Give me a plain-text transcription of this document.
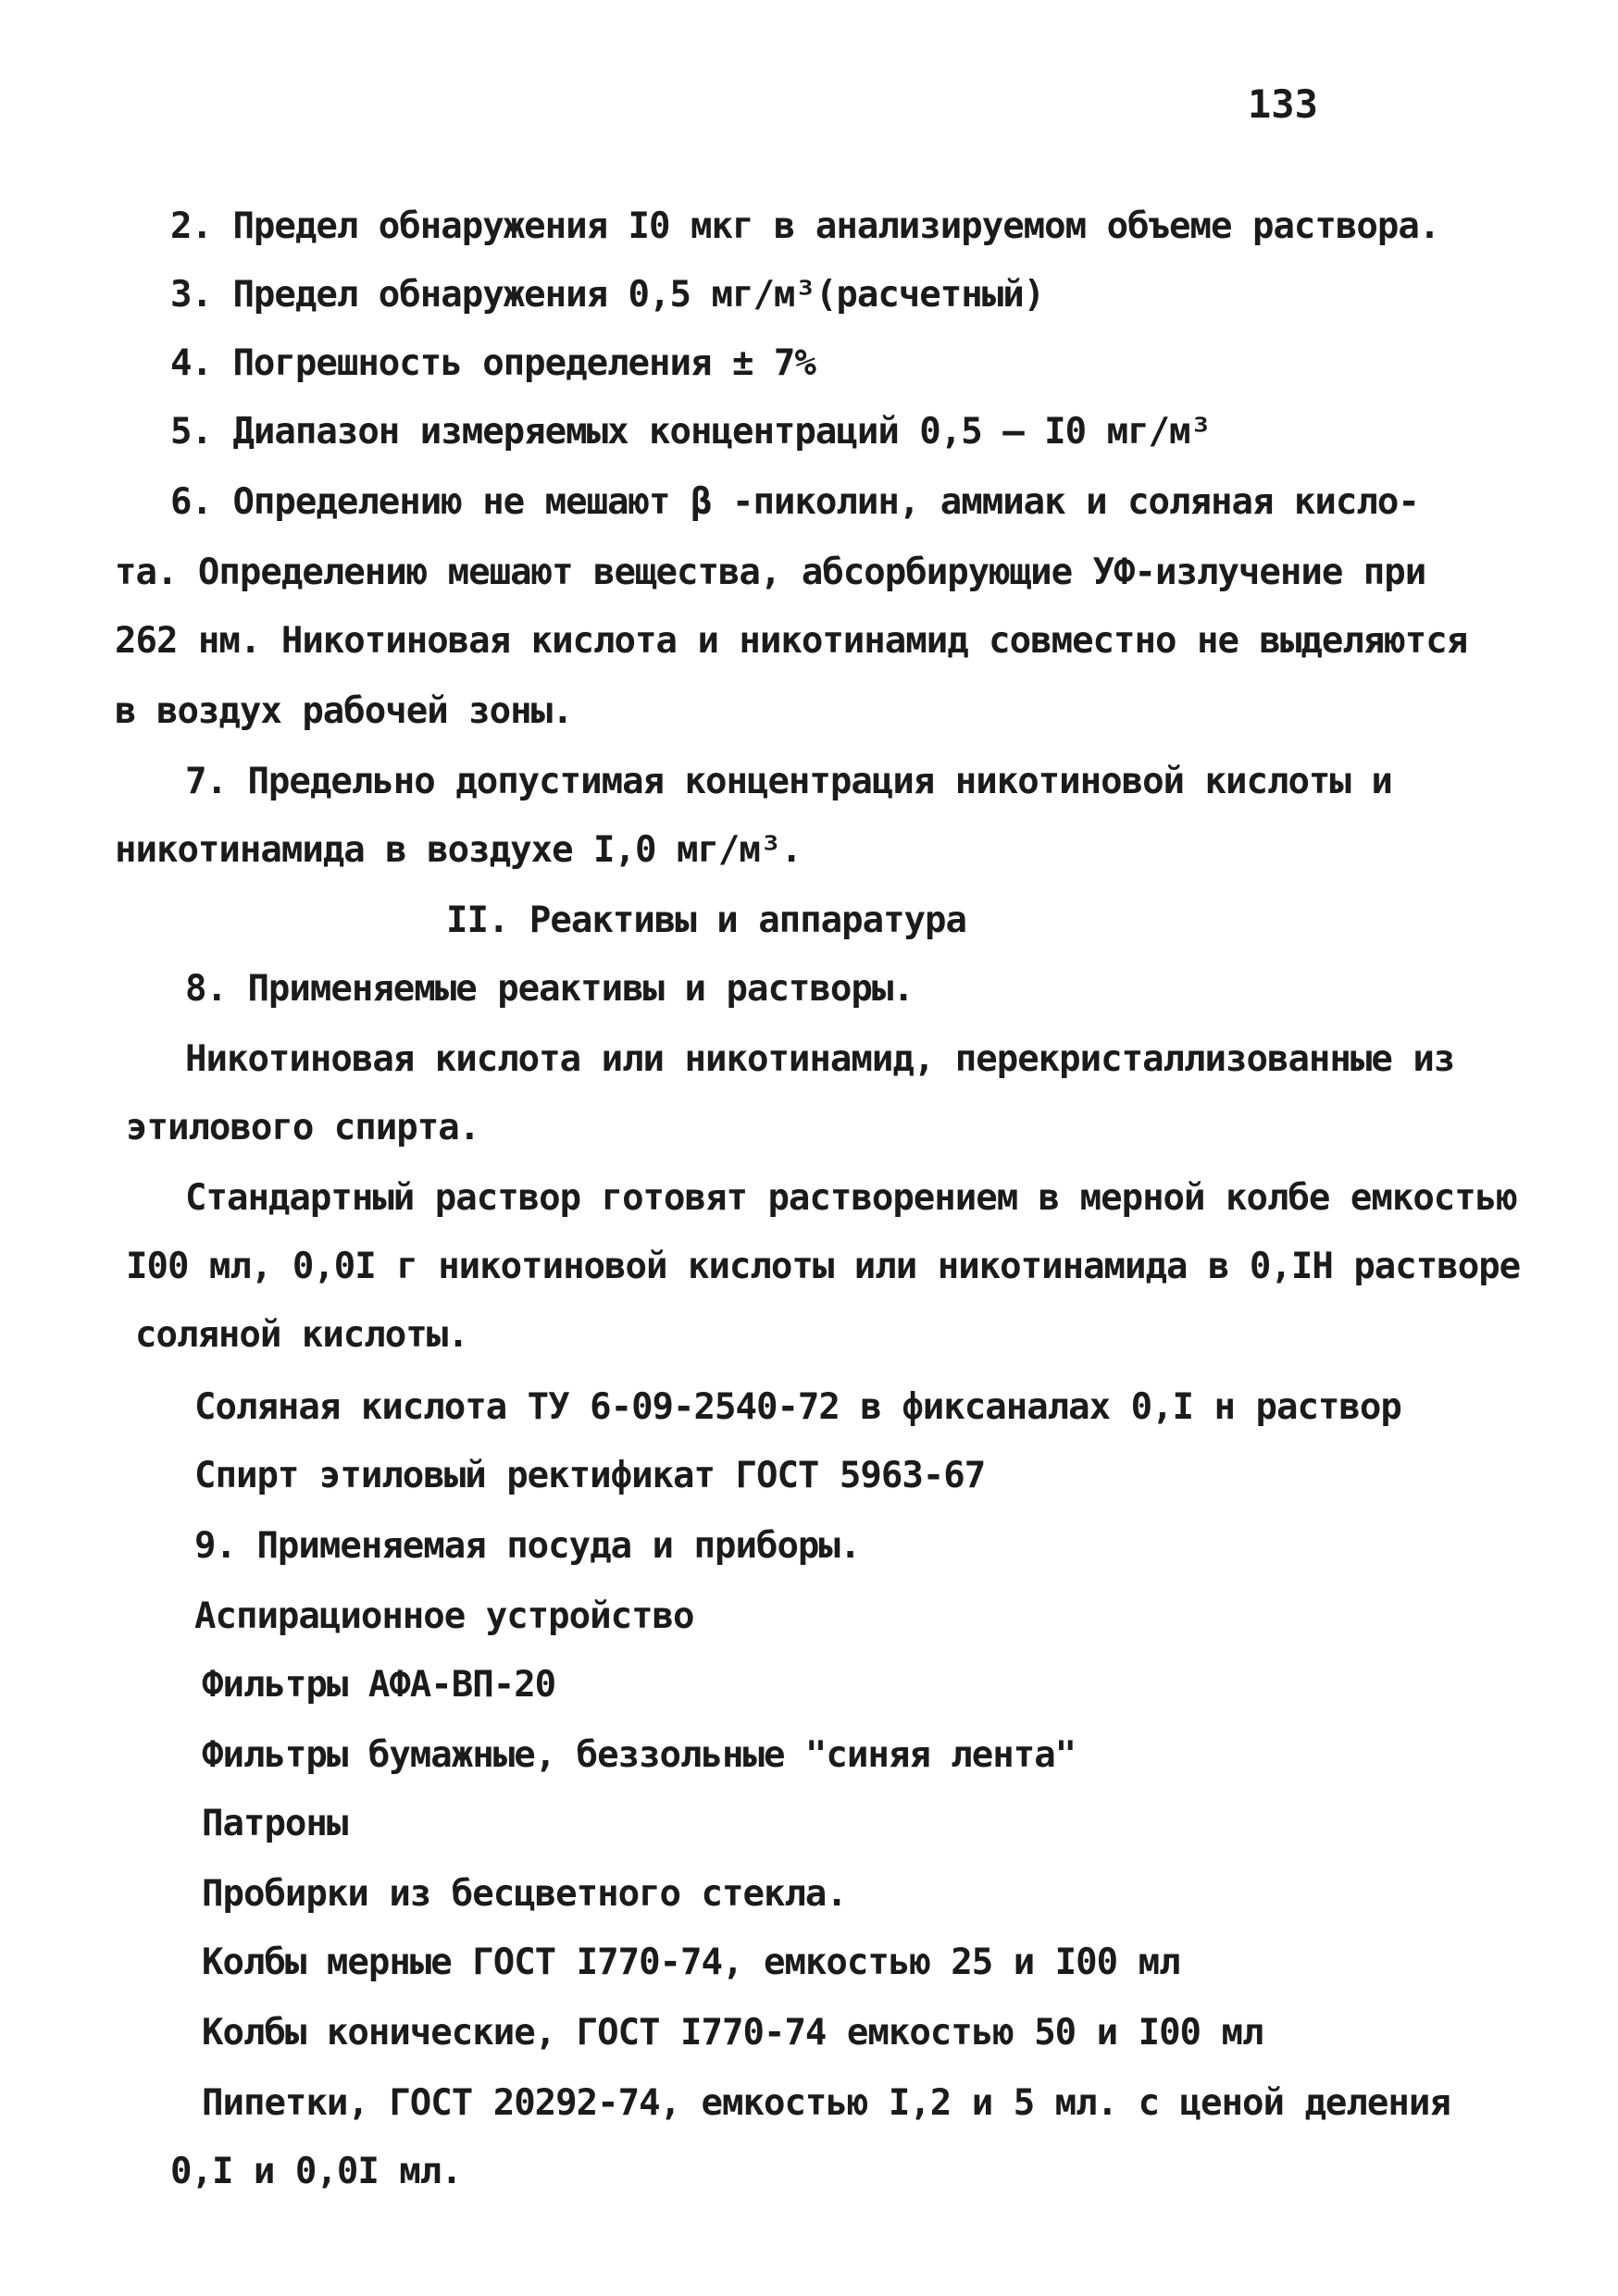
133
2. Предел обнаружения I0 мкг в анализируемом объеме раствора.
3. Предел обнаружения 0,5 мг/м³(расчетный)
4. Погрешность определения ± 7%
5. Диапазон измеряемых концентраций 0,5 – I0 мг/м³
6. Определению не мешают β -пиколин, аммиак и соляная кисло-
та. Определению мешают вещества, абсорбирующие УФ-излучение при
262 нм. Никотиновая кислота и никотинамид совместно не выделяются
в воздух рабочей зоны.
7. Предельно допустимая концентрация никотиновой кислоты и
никотинамида в воздухе I,0 мг/м³.
II. Реактивы и аппаратура
8. Применяемые реактивы и растворы.
Никотиновая кислота или никотинамид, перекристаллизованные из
этилового спирта.
Стандартный раствор готовят растворением в мерной колбе емкостью
I00 мл, 0,0I г никотиновой кислоты или никотинамида в 0,IН растворе
соляной кислоты.
Соляная кислота ТУ 6-09-2540-72 в фиксаналах 0,I н раствор
Спирт этиловый ректификат ГОСТ 5963-67
9. Применяемая посуда и приборы.
Аспирационное устройство
Фильтры АФА-ВП-20
Фильтры бумажные, беззольные "синяя лента"
Патроны
Пробирки из бесцветного стекла.
Колбы мерные ГОСТ I770-74, емкостью 25 и I00 мл
Колбы конические, ГОСТ I770-74 емкостью 50 и I00 мл
Пипетки, ГОСТ 20292-74, емкостью I,2 и 5 мл. с ценой деления
0,I и 0,0I мл.
